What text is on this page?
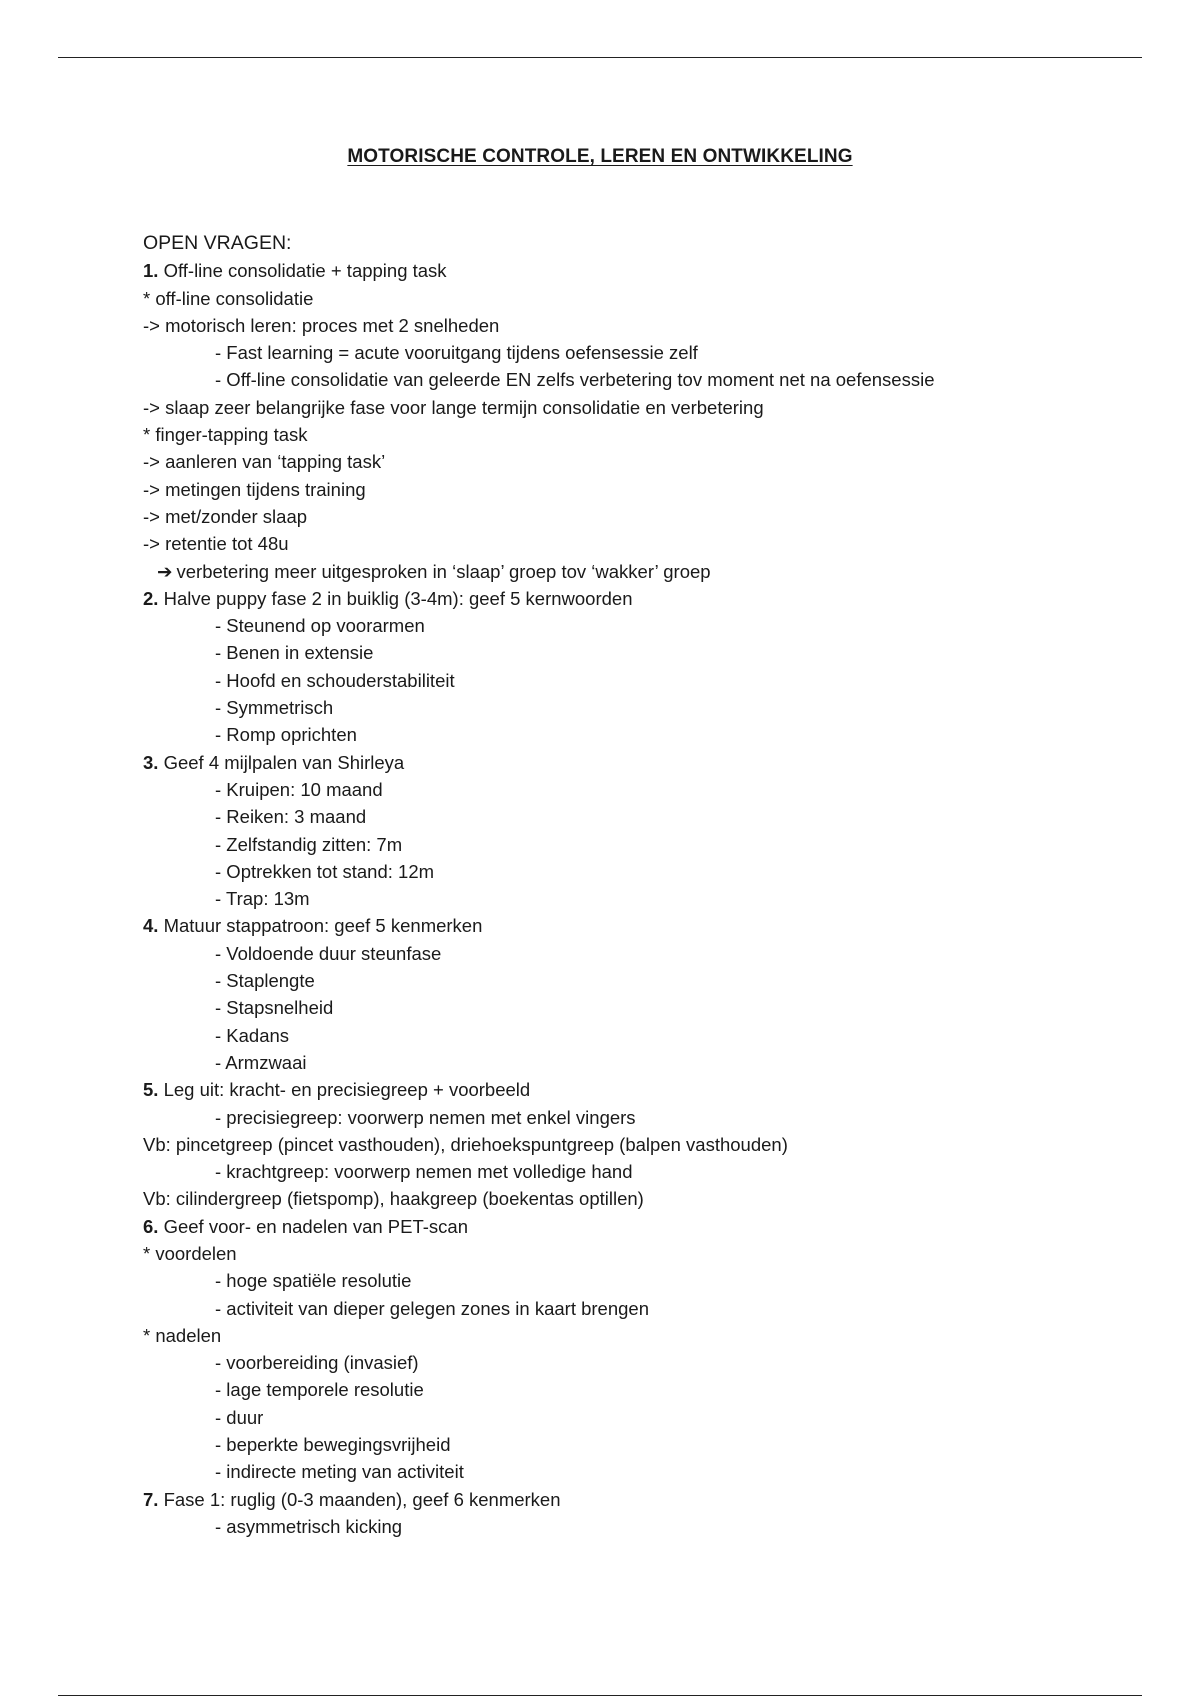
MOTORISCHE CONTROLE, LEREN EN ONTWIKKELING
OPEN VRAGEN:
1. Off-line consolidatie + tapping task
* off-line consolidatie
-> motorisch leren: proces met 2 snelheden
- Fast learning = acute vooruitgang tijdens oefensessie zelf
- Off-line consolidatie van geleerde EN zelfs verbetering tov moment net na oefensessie
-> slaap zeer belangrijke fase voor lange termijn consolidatie en verbetering
* finger-tapping task
-> aanleren van ‘tapping task’
-> metingen tijdens training
-> met/zonder slaap
-> retentie tot 48u
➔ verbetering meer uitgesproken in ‘slaap’ groep tov ‘wakker’ groep
2. Halve puppy fase 2 in buiklig (3-4m): geef 5 kernwoorden
- Steunend op voorarmen
- Benen in extensie
- Hoofd en schouderstabiliteit
- Symmetrisch
- Romp oprichten
3. Geef 4 mijlpalen van Shirleya
- Kruipen: 10 maand
- Reiken: 3 maand
- Zelfstandig zitten: 7m
- Optrekken tot stand: 12m
- Trap: 13m
4. Matuur stappatroon: geef 5 kenmerken
- Voldoende duur steunfase
- Staplengte
- Stapsnelheid
- Kadans
- Armzwaai
5. Leg uit: kracht- en precisiegreep + voorbeeld
- precisiegreep: voorwerp nemen met enkel vingers
Vb: pincetgreep (pincet vasthouden), driehoekspuntgreep (balpen vasthouden)
- krachtgreep: voorwerp nemen met volledige hand
Vb: cilindergreep (fietspomp), haakgreep (boekentas optillen)
6. Geef voor- en nadelen van PET-scan
* voordelen
- hoge spatiële resolutie
- activiteit van dieper gelegen zones in kaart brengen
* nadelen
- voorbereiding (invasief)
- lage temporele resolutie
- duur
- beperkte bewegingsvrijheid
- indirecte meting van activiteit
7. Fase 1: ruglig (0-3 maanden), geef 6 kenmerken
- asymmetrisch kicking
